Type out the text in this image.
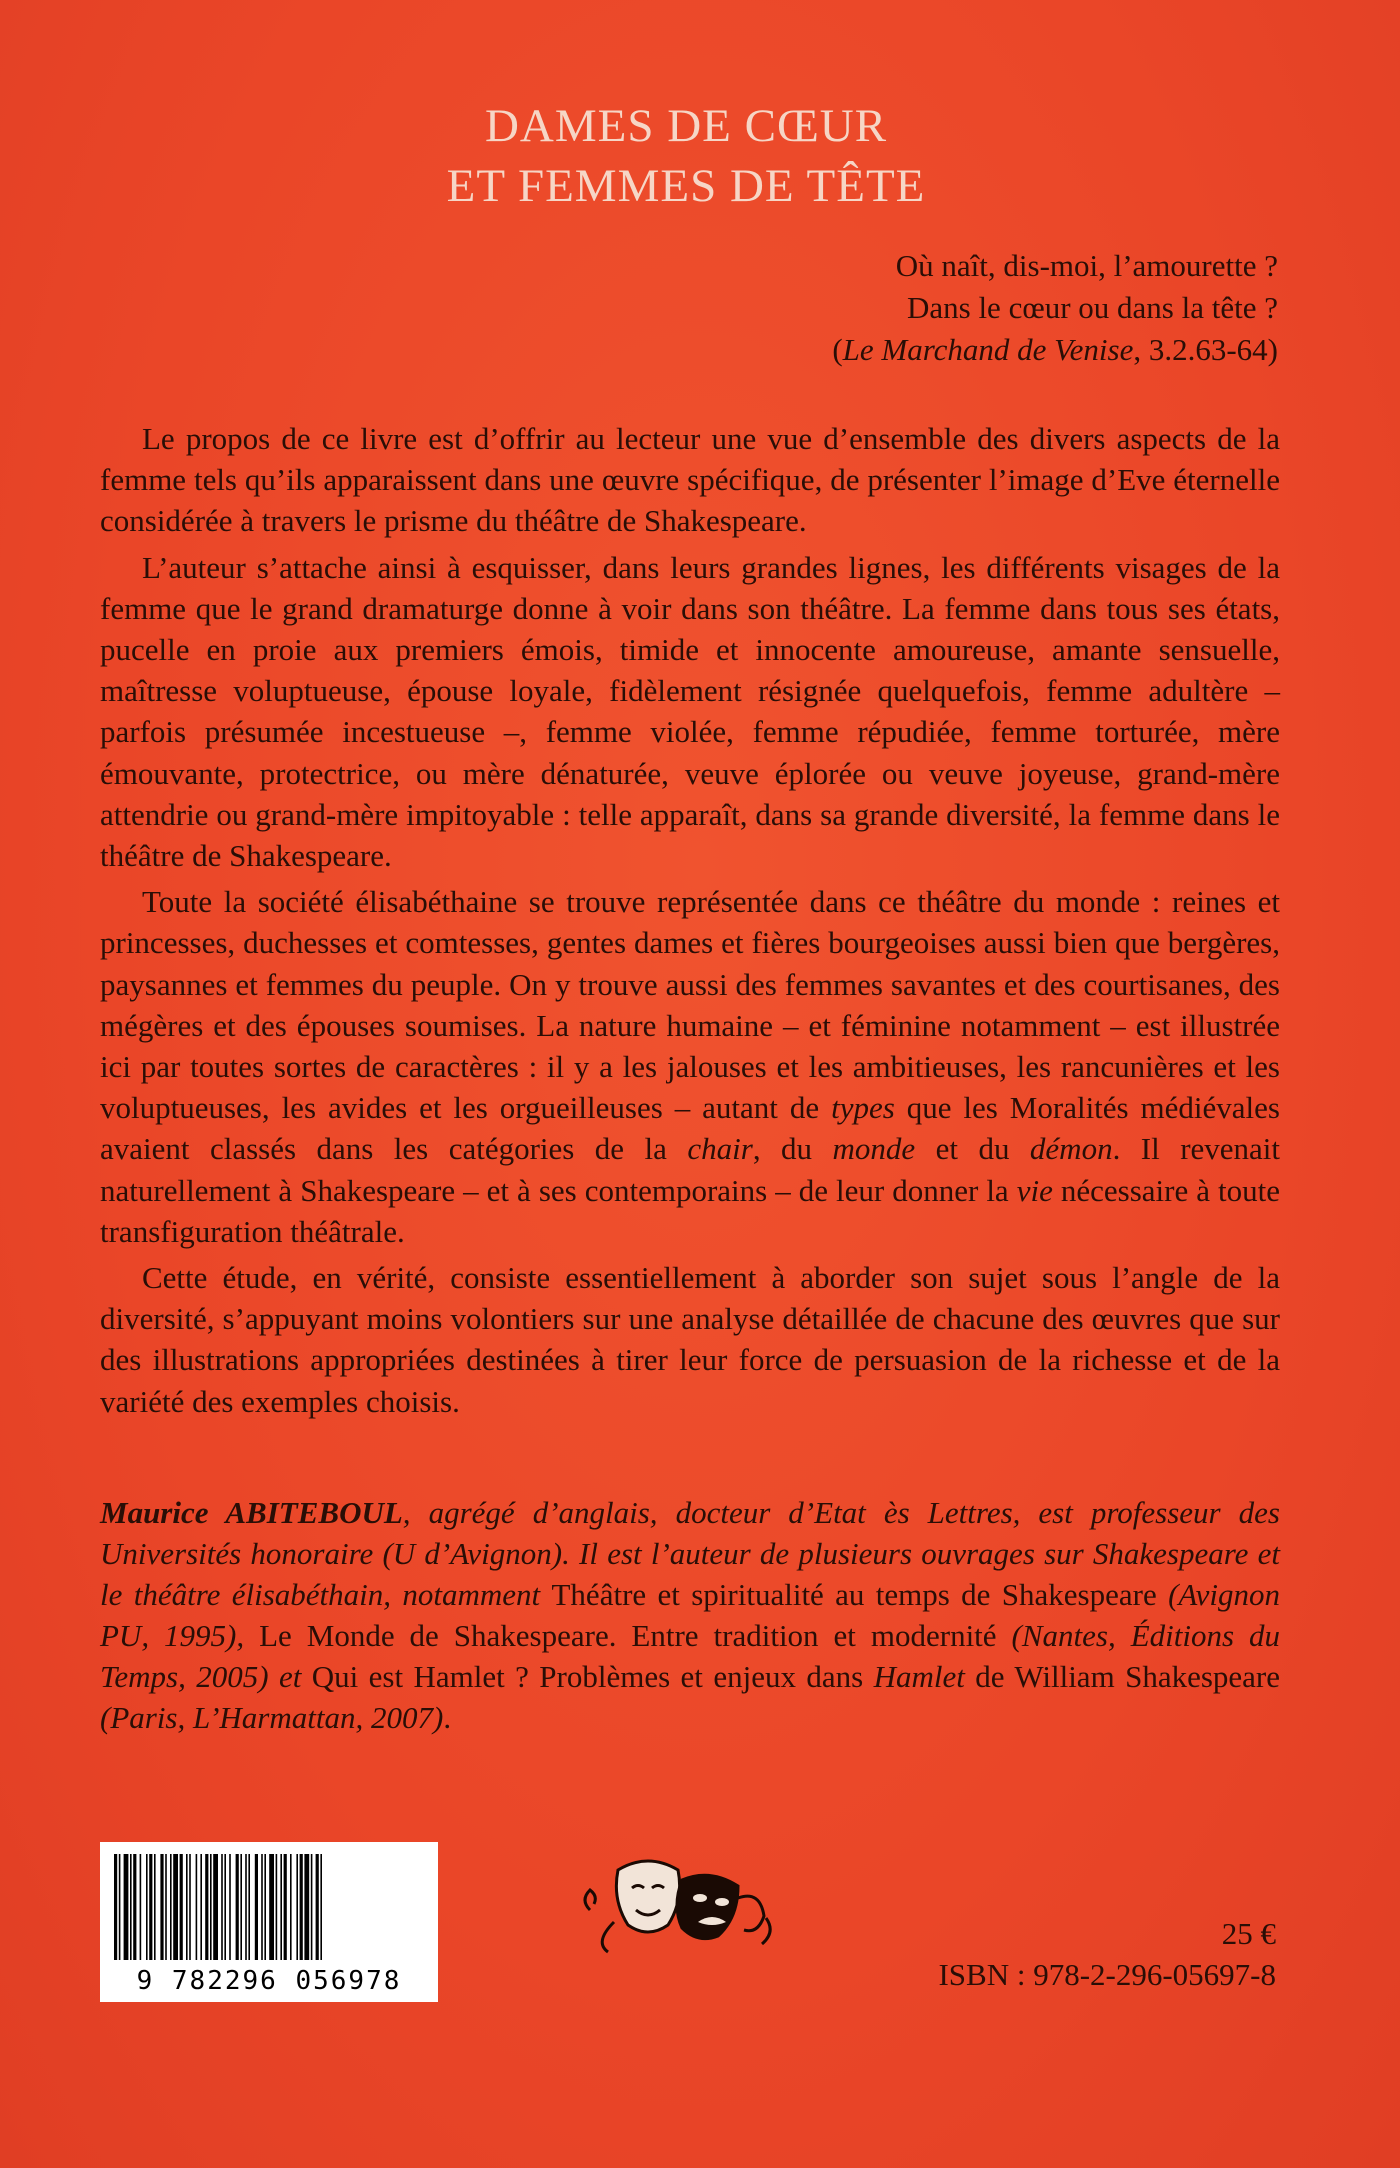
DAMES DE CŒUR
ET FEMMES DE TÊTE
Où naît, dis-moi, l’amourette ?
Dans le cœur ou dans la tête ?
(Le Marchand de Venise, 3.2.63-64)

Le propos de ce livre est d’offrir au lecteur une vue d’ensemble des divers aspects de la femme tels qu’ils apparaissent dans une œuvre spécifique, de présenter l’image d’Eve éternelle considérée à travers le prisme du théâtre de Shakespeare.

L’auteur s’attache ainsi à esquisser, dans leurs grandes lignes, les différents visages de la femme que le grand dramaturge donne à voir dans son théâtre. La femme dans tous ses états, pucelle en proie aux premiers émois, timide et innocente amoureuse, amante sensuelle, maîtresse voluptueuse, épouse loyale, fidèlement résignée quelquefois, femme adultère – parfois présumée incestueuse –, femme violée, femme répudiée, femme torturée, mère émouvante, protectrice, ou mère dénaturée, veuve éplorée ou veuve joyeuse, grand-mère attendrie ou grand-mère impitoyable : telle apparaît, dans sa grande diversité, la femme dans le théâtre de Shakespeare.

Toute la société élisabéthaine se trouve représentée dans ce théâtre du monde : reines et princesses, duchesses et comtesses, gentes dames et fières bourgeoises aussi bien que bergères, paysannes et femmes du peuple. On y trouve aussi des femmes savantes et des courtisanes, des mégères et des épouses soumises. La nature humaine – et féminine notamment – est illustrée ici par toutes sortes de caractères : il y a les jalouses et les ambitieuses, les rancunières et les voluptueuses, les avides et les orgueilleuses – autant de types que les Moralités médiévales avaient classés dans les catégories de la chair, du monde et du démon. Il revenait naturellement à Shakespeare – et à ses contemporains – de leur donner la vie nécessaire à toute transfiguration théâtrale.

Cette étude, en vérité, consiste essentiellement à aborder son sujet sous l’angle de la diversité, s’appuyant moins volontiers sur une analyse détaillée de chacune des œuvres que sur des illustrations appropriées destinées à tirer leur force de persuasion de la richesse et de la variété des exemples choisis.

Maurice ABITEBOUL, agrégé d’anglais, docteur d’Etat ès Lettres, est professeur des Universités honoraire (U d’Avignon). Il est l’auteur de plusieurs ouvrages sur Shakespeare et le théâtre élisabéthain, notamment Théâtre et spiritualité au temps de Shakespeare (Avignon PU, 1995), Le Monde de Shakespeare. Entre tradition et modernité (Nantes, Éditions du Temps, 2005) et Qui est Hamlet ? Problèmes et enjeux dans Hamlet de William Shakespeare (Paris, L’Harmattan, 2007).
9 782296 056978
25 €
ISBN : 978-2-296-05697-8
